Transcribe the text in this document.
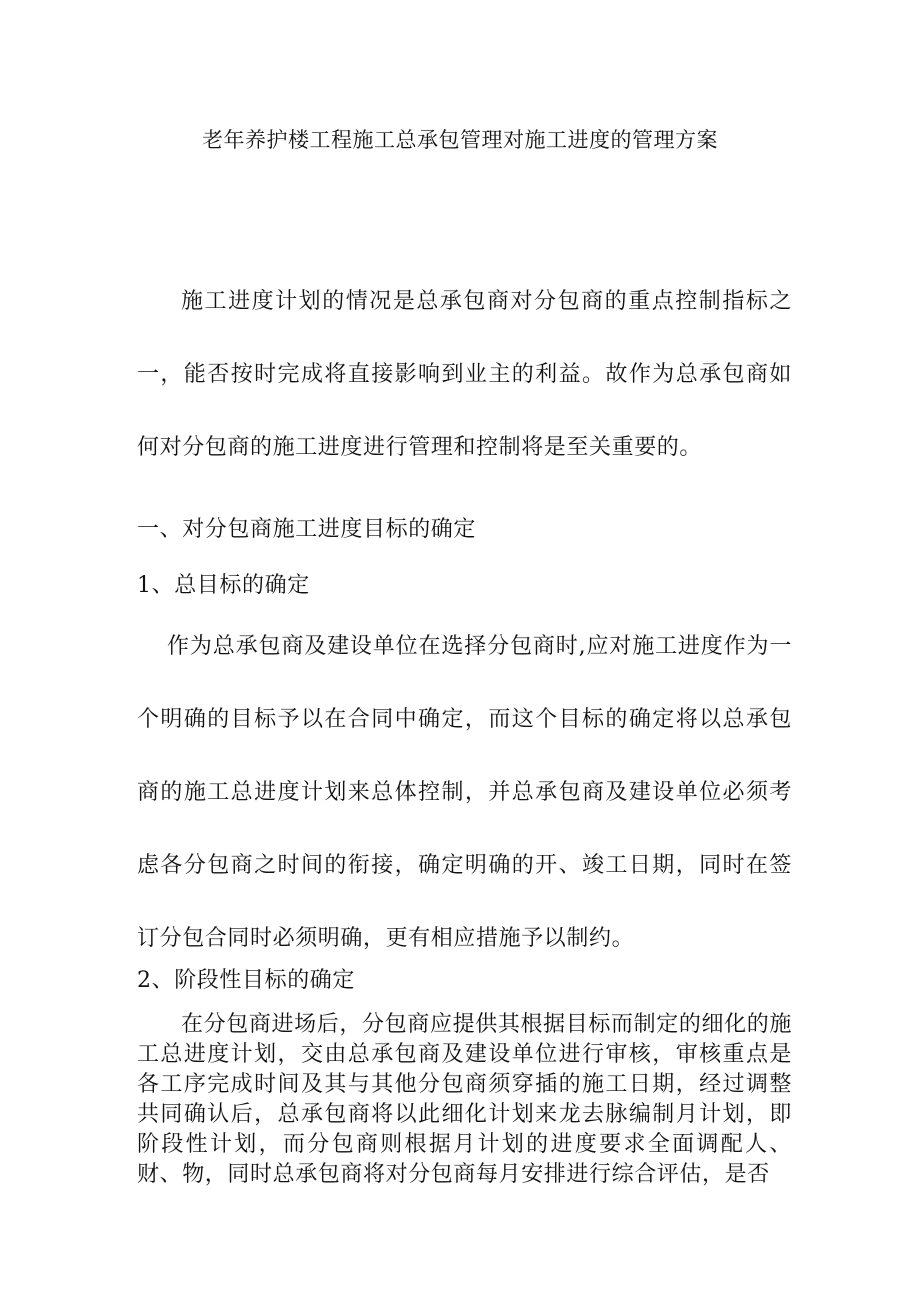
老年养护楼工程施工总承包管理对施工进度的管理方案

施工进度计划的情况是总承包商对分包商的重点控制指标之一，能否按时完成将直接影响到业主的利益。故作为总承包商如何对分包商的施工进度进行管理和控制将是至关重要的。

一、对分包商施工进度目标的确定
1、总目标的确定

作为总承包商及建设单位在选择分包商时,应对施工进度作为一个明确的目标予以在合同中确定，而这个目标的确定将以总承包商的施工总进度计划来总体控制，并总承包商及建设单位必须考虑各分包商之时间的衔接，确定明确的开、竣工日期，同时在签订分包合同时必须明确，更有相应措施予以制约。

2、阶段性目标的确定

在分包商进场后，分包商应提供其根据目标而制定的细化的施工总进度计划，交由总承包商及建设单位进行审核，审核重点是各工序完成时间及其与其他分包商须穿插的施工日期，经过调整共同确认后，总承包商将以此细化计划来龙去脉编制月计划，即阶段性计划，而分包商则根据月计划的进度要求全面调配人、财、物，同时总承包商将对分包商每月安排进行综合评估，是否
